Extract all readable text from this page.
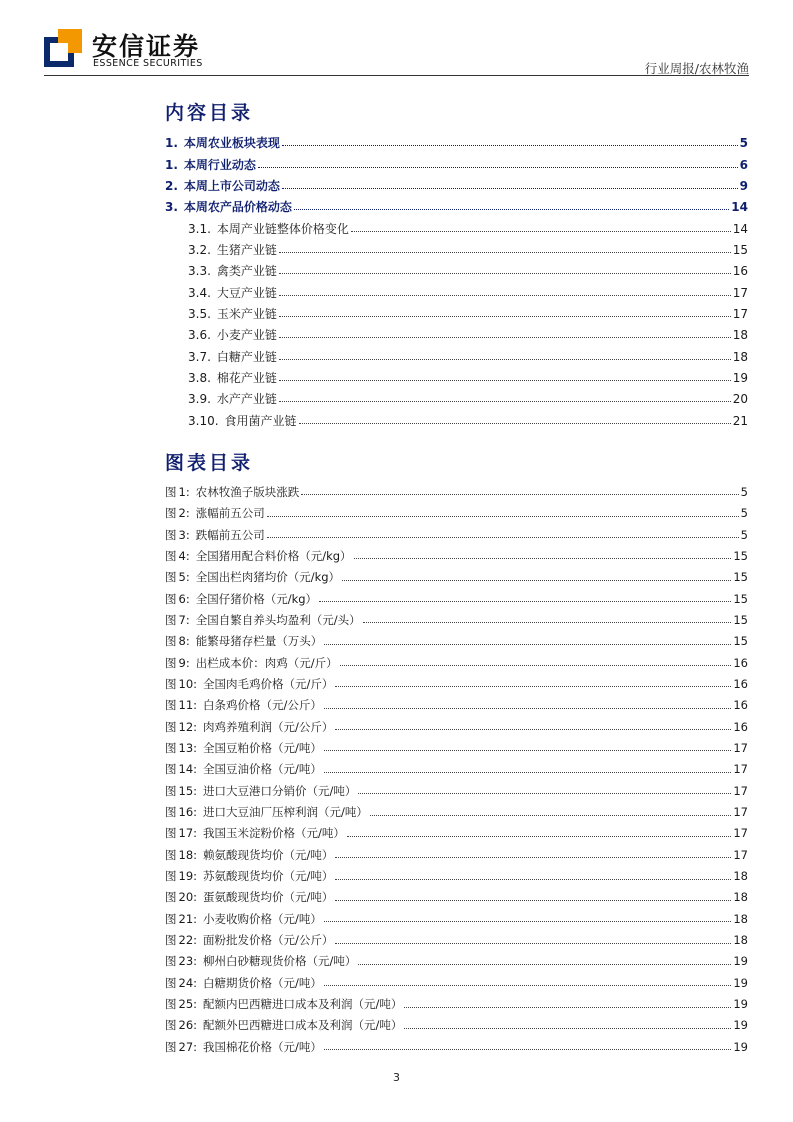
安信证券
ESSENCE SECURITIES	行业周报/农林牧渔
内容目录
1. 本周农业板块表现	5
1. 本周行业动态	6
2. 本周上市公司动态	9
3. 本周农产品价格动态	14
3.1. 本周产业链整体价格变化	14
3.2. 生猪产业链	15
3.3. 禽类产业链	16
3.4. 大豆产业链	17
3.5. 玉米产业链	17
3.6. 小麦产业链	18
3.7. 白糖产业链	18
3.8. 棉花产业链	19
3.9. 水产产业链	20
3.10. 食用菌产业链	21
图表目录
图 1: 农林牧渔子版块涨跌	5
图 2: 涨幅前五公司	5
图 3: 跌幅前五公司	5
图 4: 全国猪用配合料价格（元/kg）	15
图 5: 全国出栏肉猪均价（元/kg）	15
图 6: 全国仔猪价格（元/kg）	15
图 7: 全国自繁自养头均盈利（元/头）	15
图 8: 能繁母猪存栏量（万头）	15
图 9: 出栏成本价：肉鸡（元/斤）	16
图 10: 全国肉毛鸡价格（元/斤）	16
图 11: 白条鸡价格（元/公斤）	16
图 12: 肉鸡养殖利润（元/公斤）	16
图 13: 全国豆粕价格（元/吨）	17
图 14: 全国豆油价格（元/吨）	17
图 15: 进口大豆港口分销价（元/吨）	17
图 16: 进口大豆油厂压榨利润（元/吨）	17
图 17: 我国玉米淀粉价格（元/吨）	17
图 18: 赖氨酸现货均价（元/吨）	17
图 19: 苏氨酸现货均价（元/吨）	18
图 20: 蛋氨酸现货均价（元/吨）	18
图 21: 小麦收购价格（元/吨）	18
图 22: 面粉批发价格（元/公斤）	18
图 23: 柳州白砂糖现货价格（元/吨）	19
图 24: 白糖期货价格（元/吨）	19
图 25: 配额内巴西糖进口成本及利润（元/吨）	19
图 26: 配额外巴西糖进口成本及利润（元/吨）	19
图 27: 我国棉花价格（元/吨）	19
3
